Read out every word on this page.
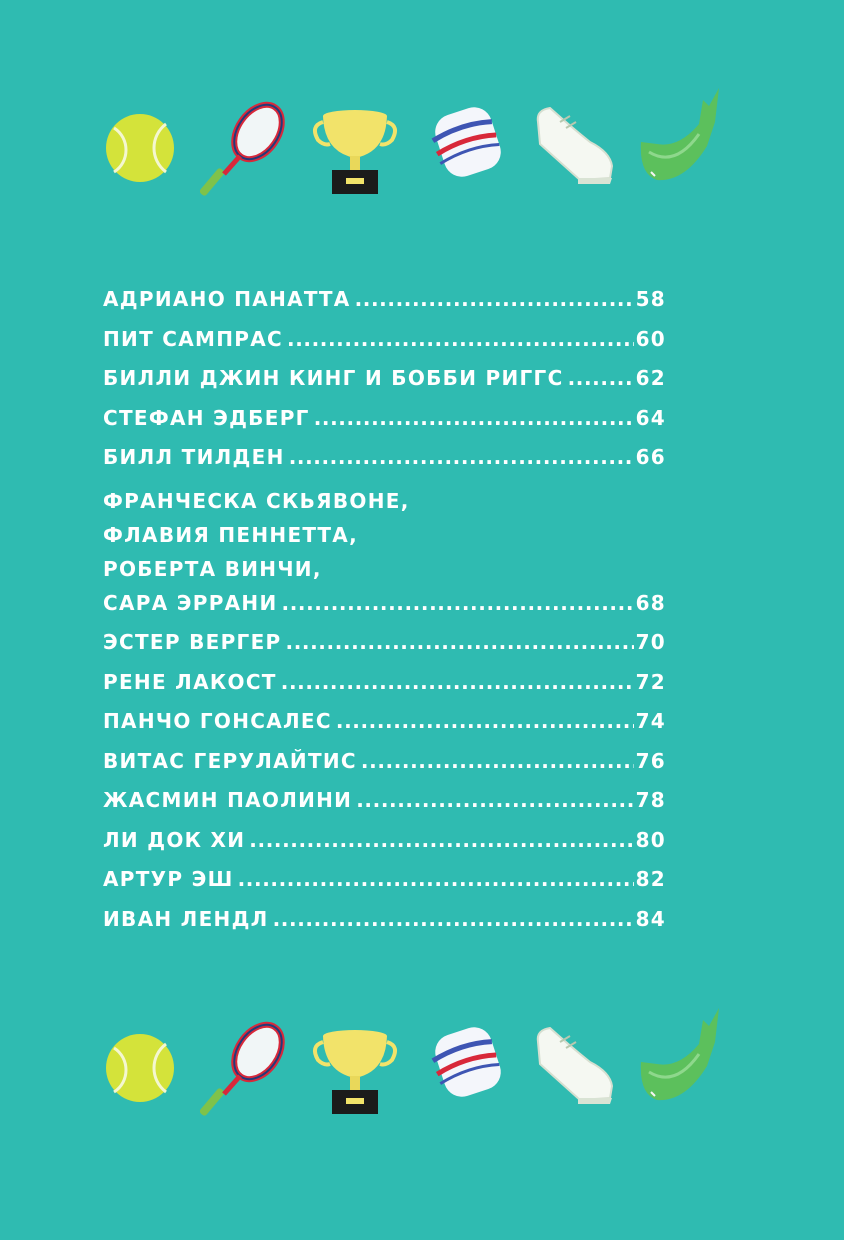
АДРИАНО ПАНАТТА .....	58
ПИТ САМПРАС .....	60
БИЛЛИ ДЖИН КИНГ И БОББИ РИГГС .....	62
СТЕФАН ЭДБЕРГ .....	64
БИЛЛ ТИЛДЕН .....	66
ФРАНЧЕСКА СКЬЯВОНЕ,
ФЛАВИЯ ПЕННЕТТА,
РОБЕРТА ВИНЧИ,
САРА ЭРРАНИ .....	68
ЭСТЕР ВЕРГЕР .....	70
РЕНЕ ЛАКОСТ .....	72
ПАНЧО ГОНСАЛЕС .....	74
ВИТАС ГЕРУЛАЙТИС .....	76
ЖАСМИН ПАОЛИНИ .....	78
ЛИ ДОК ХИ .....	80
АРТУР ЭШ .....	82
ИВАН ЛЕНДЛ .....	84
